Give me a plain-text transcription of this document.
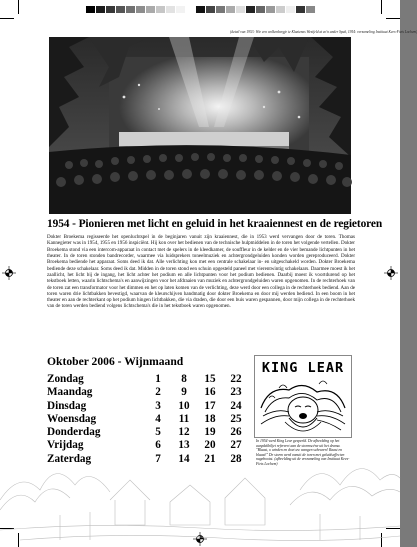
(detail van 1953: Wie een wolkenbergje te Klazienas Westfeld at zo'n ander Spuk, 1954: verzameling Instituut Kees-Fiets Lochem)
1954 - Pionieren met licht en geluid in het kraaiennest en de regietoren

Dokter Broekema regisseerde het openluchtspel in de beginjaren vanuit zijn kraaiennest, die in 1953 werd vervangen door de toren. Thomas Kannegieter was in 1954, 1955 en 1956 inspiciënt. Hij kon over het bedienen van de technische hulpmiddelen in de toren het volgende vertellen. Dokter Broekema stond via een intercom-apparaat in contact met de spelers in de kleedkamer, de souffleur in de kelder en de vier bemande lichtpunten in het theater. In de toren stonden bandrecorder, waarmee via luidsprekers toneelmuziek en achtergrondgeluiden konden worden gereproduceerd. Dokter Broekema bediende het apparaat. Soms deed ik dat. Alle verlichting kon met een centrale schakelaar in- en uitgeschakeld worden. Dokter Broekema bediende deze schakelaar. Soms deed ik dat. Midden in de toren stond een schuin opgesteld paneel met vierentwintig schakelaars. Daarmee moest ik het zaallicht, het licht bij de ingang, het licht achter het podium en alle lichtpunten voor het podium bedienen. Daarbij moest ik voortdurend op het tekstboek letten, waarin lichtschema's en aanwijzingen voor het afdraaien van muziek en achtergrondgeluiden waren opgenomen. In de rechterhoek van de toren zat een transformator voor het dimmen en het op laten komen van de verlichting, deze werd door een collega in de rechterhoek bediend. Aan de toren waren drie lichtbakken bevestigd, waarvan de kleurschijven handmatig door dokter Broekema en door mij werden bediend. In een boom in het theater en aan de rechterkant op het podium hingen lichtbakken, die via draden, die door een buis waren gespannen, door mijn collega in de rechterhoek van de toren werden bediend volgens lichtschema's die in het tekstboek waren opgenomen.

Oktober 2006 - Wijnmaand
Zondag	1	8	15	22	
Maandag	2	9	16	23	
Dinsdag	3	10	17	24	
Woensdag	4	11	18	25	
Donderdag	5	12	19	26	
Vrijdag	6	13	20	27	
Zaterdag	7	14	21	28	
KING LEAR
In 1954 werd King Lear gespeeld. De afbeelding op het aanplakbiljet refereert aan de stormscène uit het drama. "Blaast, o winden en doet uw wangen scheuren! Raast en blaast!" De storm werd vanuit de toren met geluidseffecten nagebootst. (afbeelding uit de verzameling van Instituut Kees-Fiets Lochem)
